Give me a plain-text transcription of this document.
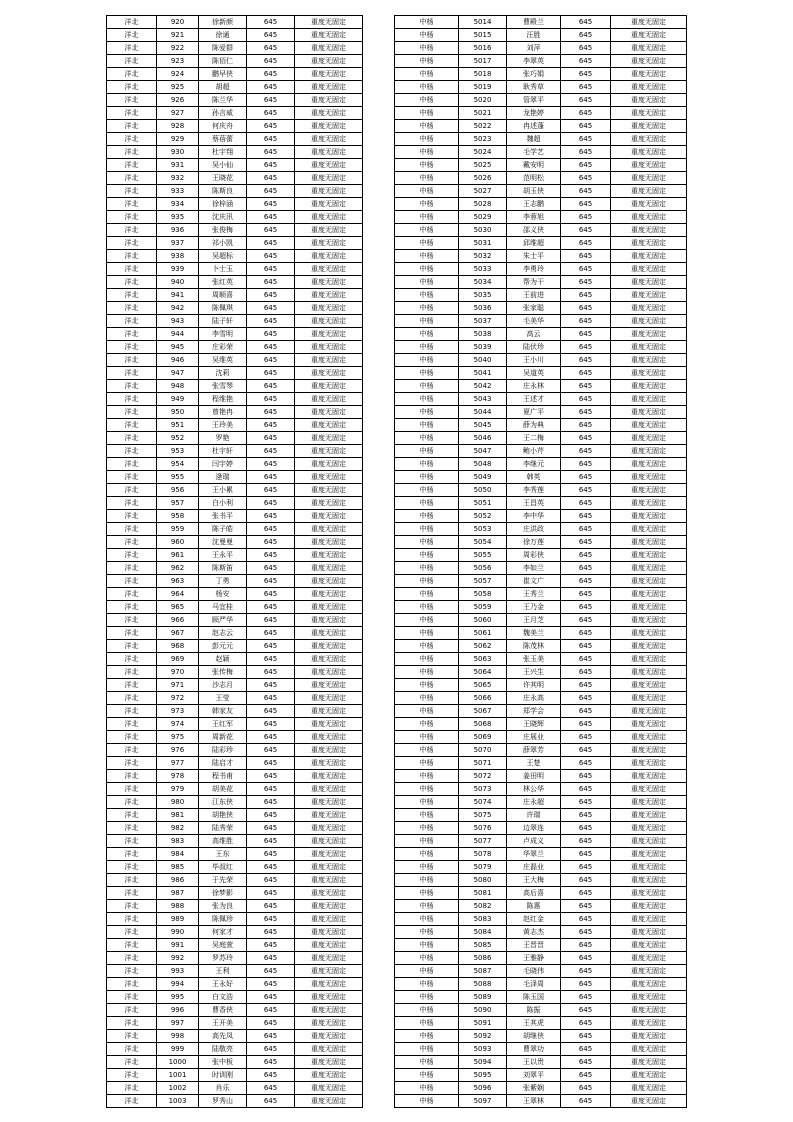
洋北	920	徐新颜	645	重度无固定
洋北	921	徐通	645	重度无固定
洋北	922	陈爱群	645	重度无固定
洋北	923	陈佰仁	645	重度无固定
洋北	924	鹏早侠	645	重度无固定
洋北	925	胡超	645	重度无固定
洋北	926	陈兰华	645	重度无固定
洋北	927	孙言威	645	重度无固定
洋北	928	何庆舟	645	重度无固定
洋北	929	蔡蓓蕾	645	重度无固定
洋北	930	杜宇翔	645	重度无固定
洋北	931	吴小仙	645	重度无固定
洋北	932	王晓花	645	重度无固定
洋北	933	陈斯良	645	重度无固定
洋北	934	徐梓涵	645	重度无固定
洋北	935	沈庆汛	645	重度无固定
洋北	936	张俊梅	645	重度无固定
洋北	937	祁小凯	645	重度无固定
洋北	938	吴超标	645	重度无固定
洋北	939	卜士玉	645	重度无固定
洋北	940	张红英	645	重度无固定
洋北	941	周顺喜	645	重度无固定
洋北	942	陈佩琪	645	重度无固定
洋北	943	陆子轩	645	重度无固定
洋北	944	李雪明	645	重度无固定
洋北	945	庄彩荣	645	重度无固定
洋北	946	吴维英	645	重度无固定
洋北	947	沈莉	645	重度无固定
洋北	948	张雪琴	645	重度无固定
洋北	949	程维艳	645	重度无固定
洋北	950	曾艳冉	645	重度无固定
洋北	951	王玲美	645	重度无固定
洋北	952	罗艳	645	重度无固定
洋北	953	杜宇轩	645	重度无固定
洋北	954	闫宇婷	645	重度无固定
洋北	955	逄瑞	645	重度无固定
洋北	956	王小累	645	重度无固定
洋北	957	白小利	645	重度无固定
洋北	958	张书平	645	重度无固定
洋北	959	陈子皓	645	重度无固定
洋北	960	沈曼曼	645	重度无固定
洋北	961	王永平	645	重度无固定
洋北	962	陈斯笛	645	重度无固定
洋北	963	丁勇	645	重度无固定
洋北	964	杨安	645	重度无固定
洋北	965	马宜桂	645	重度无固定
洋北	966	顾严华	645	重度无固定
洋北	967	赵志云	645	重度无固定
洋北	968	彭元元	645	重度无固定
洋北	969	赵颖	645	重度无固定
洋北	970	张传梅	645	重度无固定
洋北	971	沙志月	645	重度无固定
洋北	972	王莹	645	重度无固定
洋北	973	韩家友	645	重度无固定
洋北	974	王红军	645	重度无固定
洋北	975	周新花	645	重度无固定
洋北	976	陆彩珍	645	重度无固定
洋北	977	陆启才	645	重度无固定
洋北	978	程书甫	645	重度无固定
洋北	979	胡美花	645	重度无固定
洋北	980	江东侠	645	重度无固定
洋北	981	胡艳侠	645	重度无固定
洋北	982	陆秀荣	645	重度无固定
洋北	983	高维胜	645	重度无固定
洋北	984	王东	645	重度无固定
洋北	985	毕叔红	645	重度无固定
洋北	986	于先荣	645	重度无固定
洋北	987	徐梦影	645	重度无固定
洋北	988	张为良	645	重度无固定
洋北	989	陈佩珍	645	重度无固定
洋北	990	何家才	645	重度无固定
洋北	991	吴庭萱	645	重度无固定
洋北	992	罗苏玲	645	重度无固定
洋北	993	王利	645	重度无固定
洋北	994	王永好	645	重度无固定
洋北	995	白文浩	645	重度无固定
洋北	996	曹香侠	645	重度无固定
洋北	997	王开美	645	重度无固定
洋北	998	高先凤	645	重度无固定
洋北	999	陆敬亮	645	重度无固定
洋北	1000	张中板	645	重度无固定
洋北	1001	时训刚	645	重度无固定
洋北	1002	肖乐	645	重度无固定
洋北	1003	罗秀山	645	重度无固定
中杨	5014	曹殿兰	645	重度无固定
中杨	5015	汪胜	645	重度无固定
中杨	5016	刘萍	645	重度无固定
中杨	5017	李翠英	645	重度无固定
中杨	5018	张巧娟	645	重度无固定
中杨	5019	耿秀草	645	重度无固定
中杨	5020	管翠平	645	重度无固定
中杨	5021	龙艳婷	645	重度无固定
中杨	5022	冉述蓬	645	重度无固定
中杨	5023	魏超	645	重度无固定
中杨	5024	毛学艺	645	重度无固定
中杨	5025	戴安明	645	重度无固定
中杨	5026	范明松	645	重度无固定
中杨	5027	胡玉侠	645	重度无固定
中杨	5028	王志鹏	645	重度无固定
中杨	5029	李蓉旭	645	重度无固定
中杨	5030	邵义侠	645	重度无固定
中杨	5031	邱维超	645	重度无固定
中杨	5032	朱士平	645	重度无固定
中杨	5033	李勇玲	645	重度无固定
中杨	5034	帮为干	645	重度无固定
中杨	5035	王前进	645	重度无固定
中杨	5036	张家聪	645	重度无固定
中杨	5037	毛美华	645	重度无固定
中杨	5038	高云	645	重度无固定
中杨	5039	陆伏珍	645	重度无固定
中杨	5040	王小川	645	重度无固定
中杨	5041	吴道英	645	重度无固定
中杨	5042	庄永林	645	重度无固定
中杨	5043	王述才	645	重度无固定
中杨	5044	夏广平	645	重度无固定
中杨	5045	薛为典	645	重度无固定
中杨	5046	王二梅	645	重度无固定
中杨	5047	鲍小芹	645	重度无固定
中杨	5048	李继元	645	重度无固定
中杨	5049	韩英	645	重度无固定
中杨	5050	李秀莲	645	重度无固定
中杨	5051	王昌英	645	重度无固定
中杨	5052	李中华	645	重度无固定
中杨	5053	庄洪政	645	重度无固定
中杨	5054	徐万莲	645	重度无固定
中杨	5055	周彩侠	645	重度无固定
中杨	5056	李如兰	645	重度无固定
中杨	5057	崔文广	645	重度无固定
中杨	5058	王秀兰	645	重度无固定
中杨	5059	王乃金	645	重度无固定
中杨	5060	王月芝	645	重度无固定
中杨	5061	魏美兰	645	重度无固定
中杨	5062	陈茂林	645	重度无固定
中杨	5063	张玉美	645	重度无固定
中杨	5064	王兴生	645	重度无固定
中杨	5065	许其明	645	重度无固定
中杨	5066	庄永高	645	重度无固定
中杨	5067	郑学会	645	重度无固定
中杨	5068	王晓辉	645	重度无固定
中杨	5069	庄展业	645	重度无固定
中杨	5070	薛翠芳	645	重度无固定
中杨	5071	王楚	645	重度无固定
中杨	5072	姜田明	645	重度无固定
中杨	5073	林公华	645	重度无固定
中杨	5074	庄永超	645	重度无固定
中杨	5075	许瑞	645	重度无固定
中杨	5076	边翠连	645	重度无固定
中杨	5077	卢成义	645	重度无固定
中杨	5078	华翠兰	645	重度无固定
中杨	5079	庄磊业	645	重度无固定
中杨	5080	王大梅	645	重度无固定
中杨	5081	高后喜	645	重度无固定
中杨	5082	陈惠	645	重度无固定
中杨	5083	赵红金	645	重度无固定
中杨	5084	黄志杰	645	重度无固定
中杨	5085	王晋晋	645	重度无固定
中杨	5086	王雅静	645	重度无固定
中杨	5087	毛晓伟	645	重度无固定
中杨	5088	毛泽周	645	重度无固定
中杨	5089	陈玉国	645	重度无固定
中杨	5090	陈振	645	重度无固定
中杨	5091	王其虎	645	重度无固定
中杨	5092	胡继侠	645	重度无固定
中杨	5093	曹翠功	645	重度无固定
中杨	5094	王以贵	645	重度无固定
中杨	5095	刘翠平	645	重度无固定
中杨	5096	张紫娴	645	重度无固定
中杨	5097	王翠林	645	重度无固定
